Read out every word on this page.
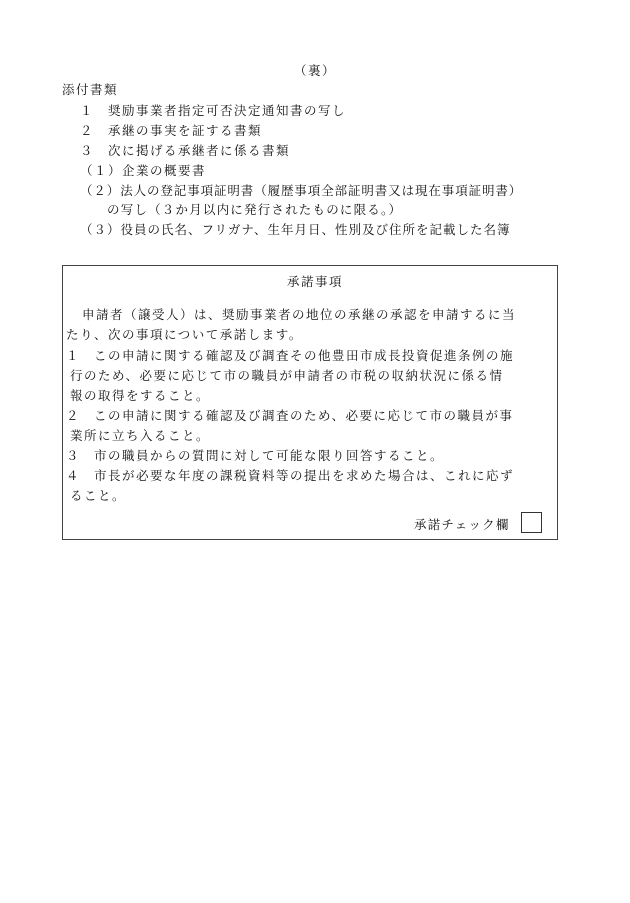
（裏）
添付書類
１　奨励事業者指定可否決定通知書の写し
２　承継の事実を証する書類
３　次に掲げる承継者に係る書類
（１）企業の概要書
（２）法人の登記事項証明書（履歴事項全部証明書又は現在事項証明書）
の写し（３か月以内に発行されたものに限る。）
（３）役員の氏名、フリガナ、生年月日、性別及び住所を記載した名簿
承諾事項
申請者（譲受人）は、奨励事業者の地位の承継の承認を申請するに当
たり、次の事項について承諾します。
１　この申請に関する確認及び調査その他豊田市成長投資促進条例の施
行のため、必要に応じて市の職員が申請者の市税の収納状況に係る情
報の取得をすること。
２　この申請に関する確認及び調査のため、必要に応じて市の職員が事
業所に立ち入ること。
３　市の職員からの質問に対して可能な限り回答すること。
４　市長が必要な年度の課税資料等の提出を求めた場合は、これに応ず
ること。
承諾チェック欄
